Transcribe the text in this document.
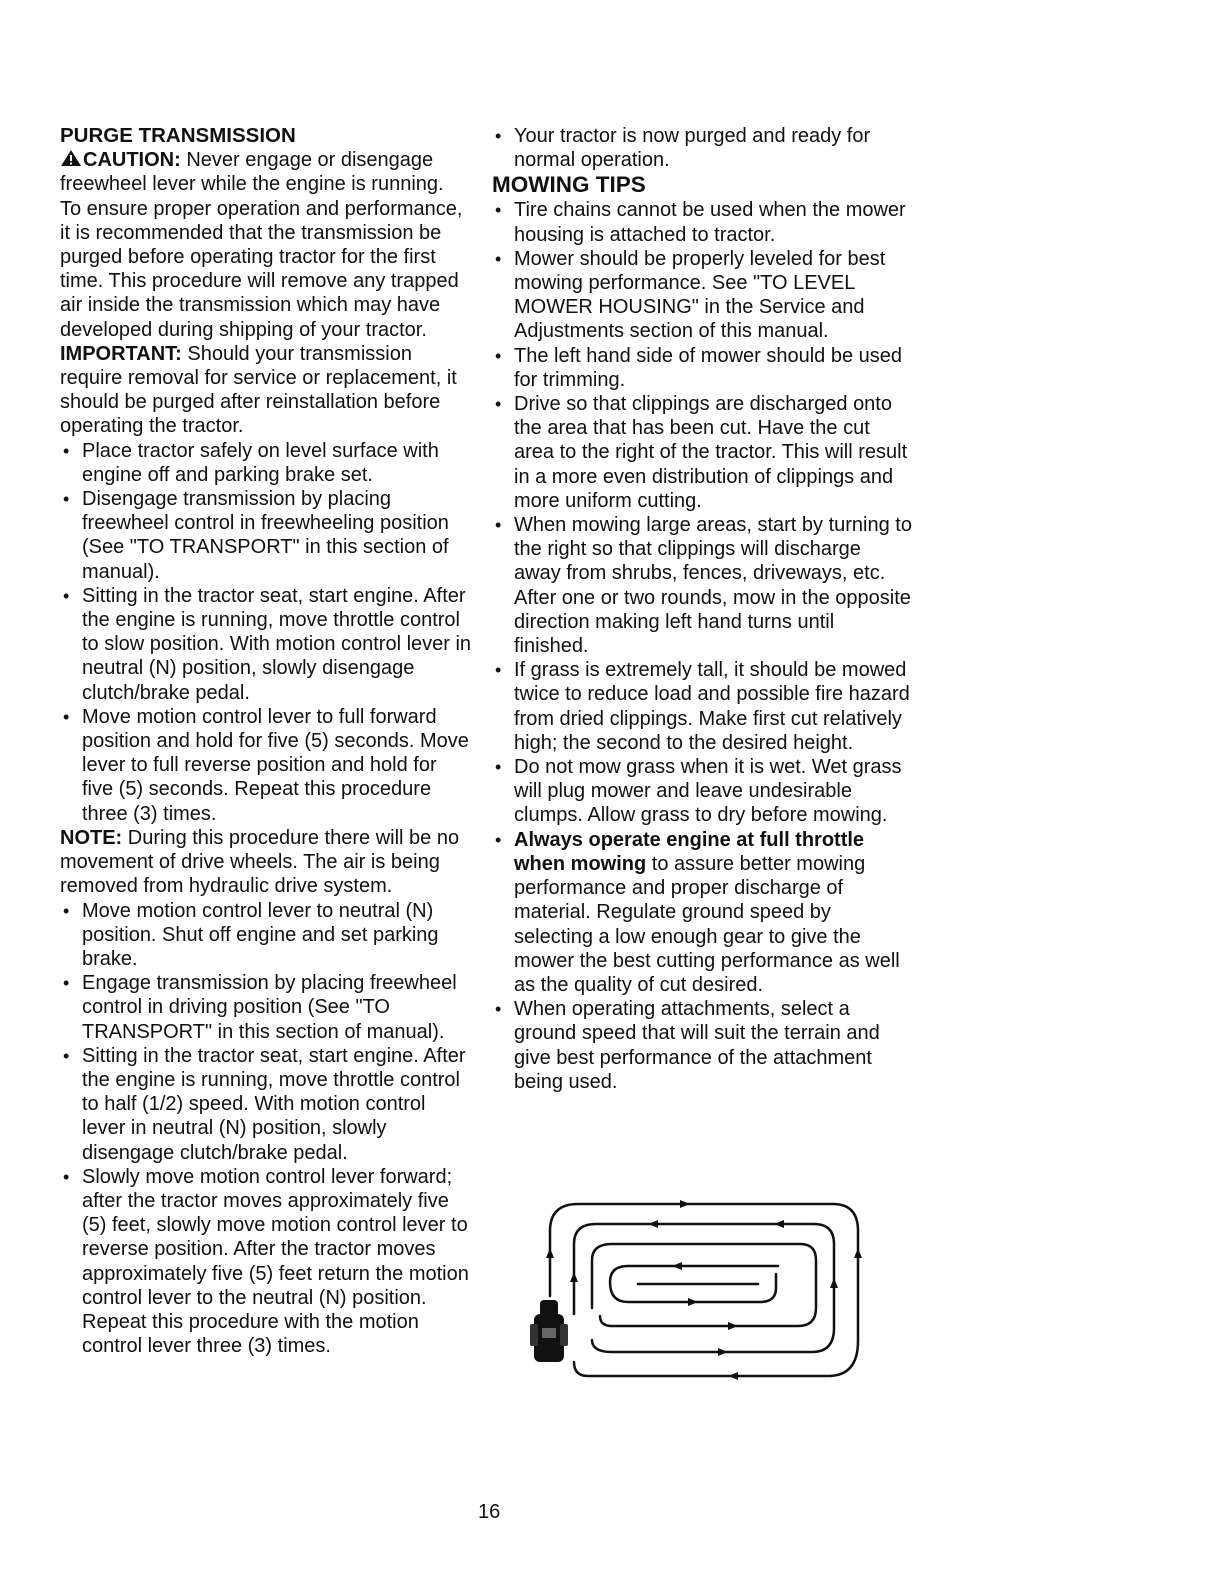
PURGE TRANSMISSION

CAUTION: Never engage or disengage freewheel lever while the engine is running.

To ensure proper operation and performance, it is recommended that the transmission be purged before operating tractor for the first time. This procedure will remove any trapped air inside the transmission which may have developed during shipping of your tractor.

IMPORTANT: Should your transmission require removal for service or replacement, it should be purged after reinstallation before operating the tractor.

• Place tractor safely on level surface with engine off and parking brake set.
• Disengage transmission by placing freewheel control in freewheeling position (See "TO TRANSPORT" in this section of manual).
• Sitting in the tractor seat, start engine. After the engine is running, move throttle control to slow position. With motion control lever in neutral (N) position, slowly disengage clutch/brake pedal.
• Move motion control lever to full forward position and hold for five (5) seconds. Move lever to full reverse position and hold for five (5) seconds. Repeat this procedure three (3) times.

NOTE: During this procedure there will be no movement of drive wheels. The air is being removed from hydraulic drive system.

• Move motion control lever to neutral (N) position. Shut off engine and set parking brake.
• Engage transmission by placing freewheel control in driving position (See "TO TRANSPORT" in this section of manual).
• Sitting in the tractor seat, start engine. After the engine is running, move throttle control to half (1/2) speed. With motion control lever in neutral (N) position, slowly disengage clutch/brake pedal.
• Slowly move motion control lever forward; after the tractor moves approximately five (5) feet, slowly move motion control lever to reverse position. After the tractor moves approximately five (5) feet return the motion control lever to the neutral (N) position. Repeat this procedure with the motion control lever three (3) times.
• Your tractor is now purged and ready for normal operation.

MOWING TIPS

• Tire chains cannot be used when the mower housing is attached to tractor.
• Mower should be properly leveled for best mowing performance. See "TO LEVEL MOWER HOUSING" in the Service and Adjustments section of this manual.
• The left hand side of mower should be used for trimming.
• Drive so that clippings are discharged onto the area that has been cut. Have the cut area to the right of the tractor. This will result in a more even distribution of clippings and more uniform cutting.
• When mowing large areas, start by turning to the right so that clippings will discharge away from shrubs, fences, driveways, etc. After one or two rounds, mow in the opposite direction making left hand turns until finished.
• If grass is extremely tall, it should be mowed twice to reduce load and possible fire hazard from dried clippings. Make first cut relatively high; the second to the desired height.
• Do not mow grass when it is wet. Wet grass will plug mower and leave undesirable clumps. Allow grass to dry before mowing.
• Always operate engine at full throttle when mowing to assure better mowing performance and proper discharge of material. Regulate ground speed by selecting a low enough gear to give the mower the best cutting performance as well as the quality of cut desired.
• When operating attachments, select a ground speed that will suit the terrain and give best performance of the attachment being used.
16
